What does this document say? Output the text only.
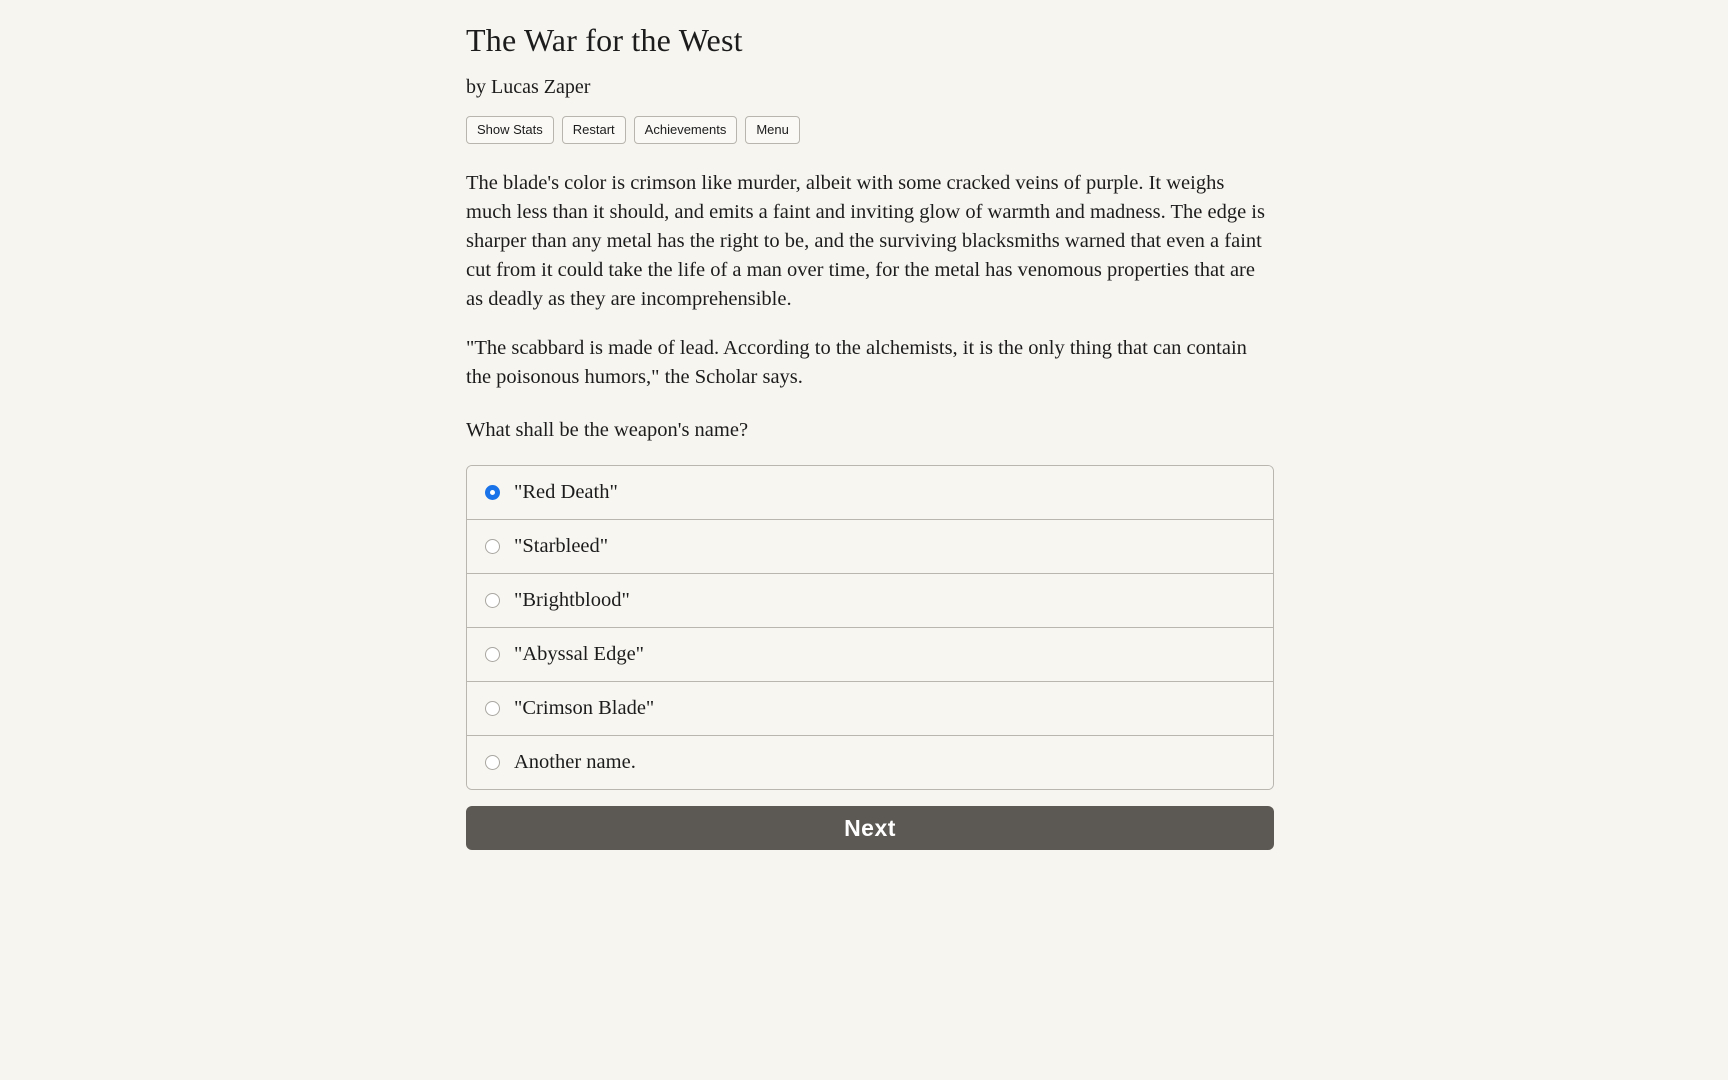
The War for the West
by Lucas Zaper
Show Stats	Restart	Achievements	Menu

The blade's color is crimson like murder, albeit with some cracked veins of purple. It weighs much less than it should, and emits a faint and inviting glow of warmth and madness. The edge is sharper than any metal has the right to be, and the surviving blacksmiths warned that even a faint cut from it could take the life of a man over time, for the metal has venomous properties that are as deadly as they are incomprehensible.

"The scabbard is made of lead. According to the alchemists, it is the only thing that can contain the poisonous humors," the Scholar says.

What shall be the weapon's name?

"Red Death"
"Starbleed"
"Brightblood"
"Abyssal Edge"
"Crimson Blade"
Another name.
Next
